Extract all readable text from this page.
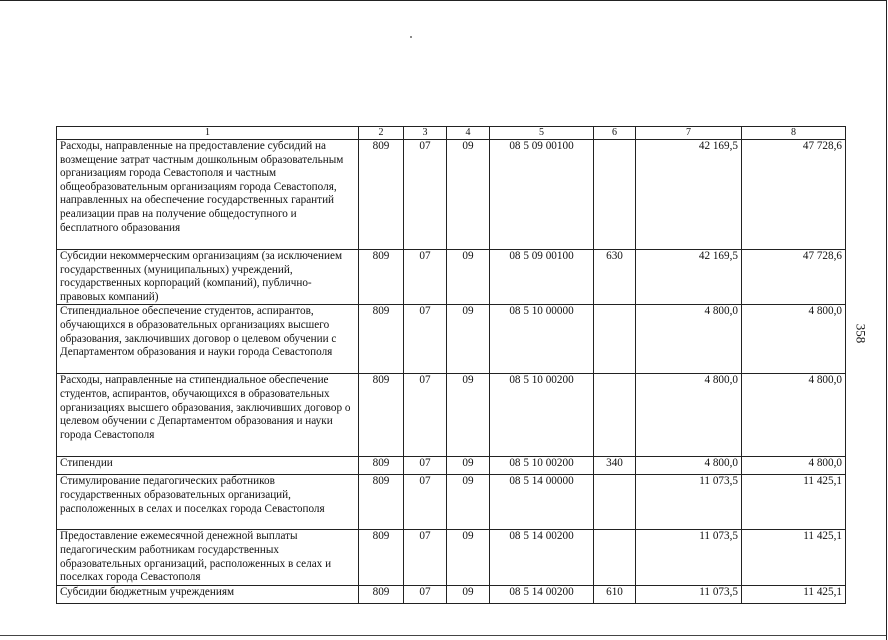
358
1	2	3	4	5	6	7	8
Расходы, направленные на предоставление субсидий на возмещение затрат частным дошкольным образовательным организациям города Севастополя и частным общеобразовательным организациям города Севастополя, направленных на обеспечение государственных гарантий реализации прав на получение общедоступного и бесплатного образования	809	07	09	08 5 09 00100		42 169,5	47 728,6
Субсидии некоммерческим организациям (за исключением государственных (муниципальных) учреждений, государственных корпораций (компаний), публично-правовых компаний)	809	07	09	08 5 09 00100	630	42 169,5	47 728,6
Стипендиальное обеспечение студентов, аспирантов, обучающихся в образовательных организациях высшего образования, заключивших договор о целевом обучении с Департаментом образования и науки города Севастополя	809	07	09	08 5 10 00000		4 800,0	4 800,0
Расходы, направленные на стипендиальное обеспечение студентов, аспирантов, обучающихся в образовательных организациях высшего образования, заключивших договор о целевом обучении с Департаментом образования и науки города Севастополя	809	07	09	08 5 10 00200		4 800,0	4 800,0
Стипендии	809	07	09	08 5 10 00200	340	4 800,0	4 800,0
Стимулирование педагогических работников государственных образовательных организаций, расположенных в селах и поселках города Севастополя	809	07	09	08 5 14 00000		11 073,5	11 425,1
Предоставление ежемесячной денежной выплаты педагогическим работникам государственных образовательных организаций, расположенных в селах и поселках города Севастополя	809	07	09	08 5 14 00200		11 073,5	11 425,1
Субсидии бюджетным учреждениям	809	07	09	08 5 14 00200	610	11 073,5	11 425,1
